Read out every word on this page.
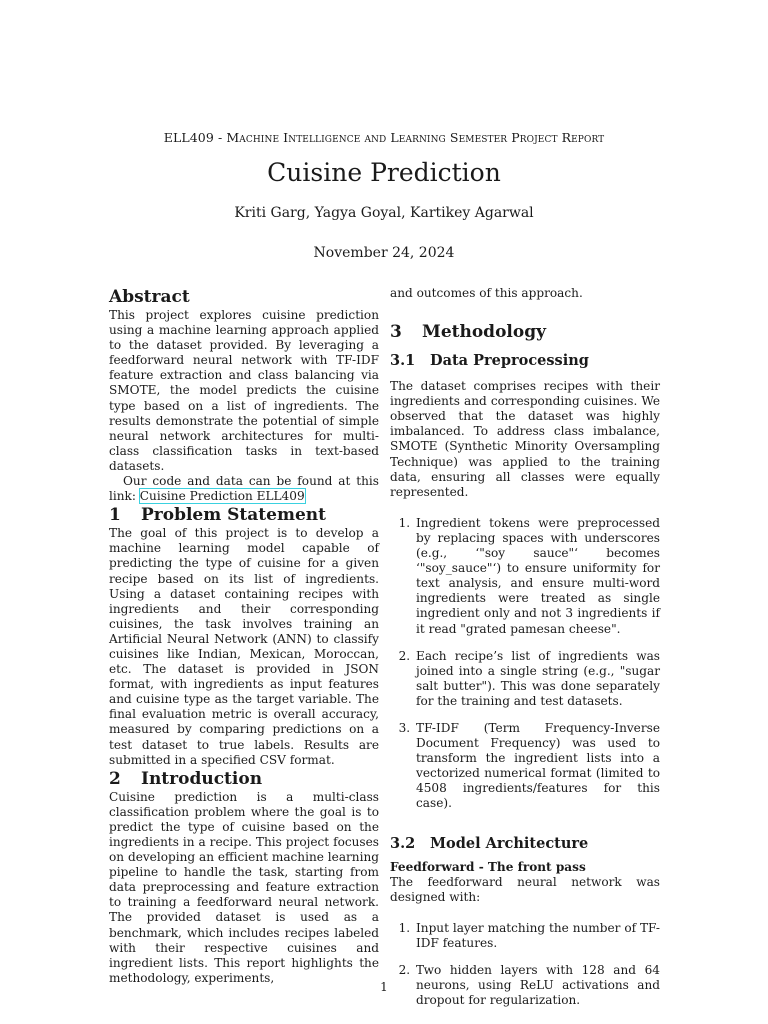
ELL409 - Machine Intelligence and Learning Semester Project Report
Cuisine Prediction
Kriti Garg, Yagya Goyal, Kartikey Agarwal
November 24, 2024
Abstract

This project explores cuisine prediction using a machine learning approach applied to the dataset provided. By leveraging a feedforward neural network with TF-IDF feature extraction and class balancing via SMOTE, the model predicts the cuisine type based on a list of ingredients. The results demonstrate the potential of simple neural network architectures for multi-class classification tasks in text-based datasets.

Our code and data can be found at this link: Cuisine Prediction ELL409

1 Problem Statement

The goal of this project is to develop a machine learning model capable of predicting the type of cuisine for a given recipe based on its list of ingredients. Using a dataset containing recipes with ingredients and their corresponding cuisines, the task involves training an Artificial Neural Network (ANN) to classify cuisines like Indian, Mexican, Moroccan, etc. The dataset is provided in JSON format, with ingredients as input features and cuisine type as the target variable. The final evaluation metric is overall accuracy, measured by comparing predictions on a test dataset to true labels. Results are submitted in a specified CSV format.

2 Introduction

Cuisine prediction is a multi-class classification problem where the goal is to predict the type of cuisine based on the ingredients in a recipe. This project focuses on developing an efficient machine learning pipeline to handle the task, starting from data preprocessing and feature extraction to training a feedforward neural network. The provided dataset is used as a benchmark, which includes recipes labeled with their respective cuisines and ingredient lists. This report highlights the methodology, experiments,

and outcomes of this approach.

3 Methodology
3.1 Data Preprocessing

The dataset comprises recipes with their ingredients and corresponding cuisines. We observed that the dataset was highly imbalanced. To address class imbalance, SMOTE (Synthetic Minority Oversampling Technique) was applied to the training data, ensuring all classes were equally represented.

1. Ingredient tokens were preprocessed by replacing spaces with underscores (e.g., ‘"soy sauce"‘ becomes ‘"soy_sauce"‘) to ensure uniformity for text analysis, and ensure multi-word ingredients were treated as single ingredient only and not 3 ingredients if it read "grated pamesan cheese".
2. Each recipe’s list of ingredients was joined into a single string (e.g., "sugar salt butter"). This was done separately for the training and test datasets.
3. TF-IDF (Term Frequency-Inverse Document Frequency) was used to transform the ingredient lists into a vectorized numerical format (limited to 4508 ingredients/features for this case).
3.2 Model Architecture

Feedforward - The front pass

The feedforward neural network was designed with:

1. Input layer matching the number of TF-IDF features.
2. Two hidden layers with 128 and 64 neurons, using ReLU activations and dropout for regularization.
1
